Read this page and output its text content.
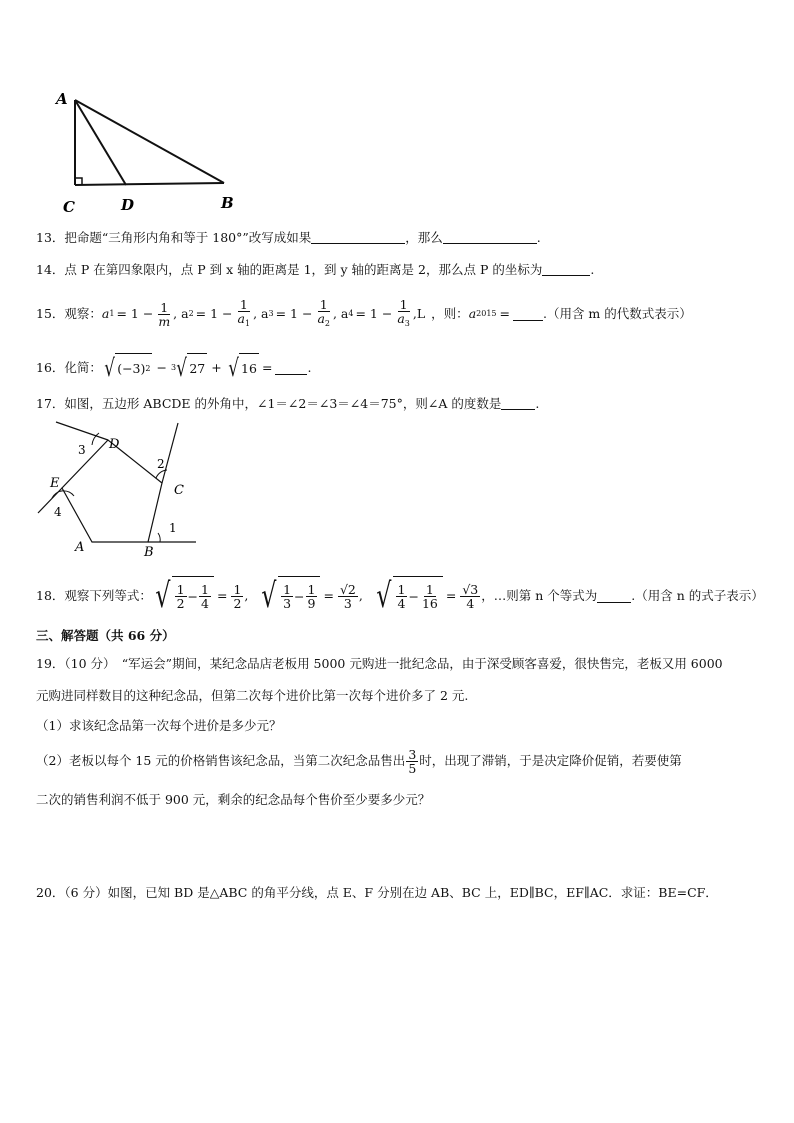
A
C	D	B
13．把命题“三角形内角和等于 180°”改写成如果	，那么	.
14．点 P 在第四象限内，点 P 到 x 轴的距离是 1，到 y 轴的距离是 2，那么点 P 的坐标为	.
15．观察： a $1 = 1 - \frac{1}{m}$ , a $2 = 1 - \frac{1}{a_1}$ , a $3 = 1 - \frac{1}{a_2}$ , a $4 = 1 - \frac{1}{a_3} ,L$ ，则： a 2015 =	.（用含 m 的代数式表示）
16．化简： √ (−3) 2 − 3 √ 27 + √ 16 =	.
17．如图，五边形 ABCDE 的外角中，∠1＝∠2＝∠3＝∠4＝75°，则∠A 的度数是	.
D
C
E
A	B
1
2
3
4
18．观察下列等式： √ $\frac{1}{2} - \frac{1}{4} = \frac{1}{2}$ , √ $\frac{1}{3} - \frac{1}{9} = \frac{√2}{3}$ , √ $\frac{1}{4} - \frac{1}{16} = \frac{√3}{4}$ ，…则第 n 个等式为	.（用含 n 的式子表示）
三、解答题（共 66 分）
19．（10 分）　“军运会”期间，某纪念品店老板用 5000 元购进一批纪念品，由于深受顾客喜爱，很快售完，老板又用 6000
元购进同样数目的这种纪念品，但第二次每个进价比第一次每个进价多了 2 元.
（1）求该纪念品第一次每个进价是多少元？
（2）老板以每个 15 元的价格销售该纪念品，当第二次纪念品售出 $\frac{3}{5}$ 时，出现了滞销，于是决定降价促销，若要使第
二次的销售利润不低于 900 元，剩余的纪念品每个售价至少要多少元？
20．（6 分）如图，已知 BD 是△ABC 的角平分线，点 E、F 分别在边 AB、BC 上，ED∥BC，EF∥AC．求证：BE=CF．
